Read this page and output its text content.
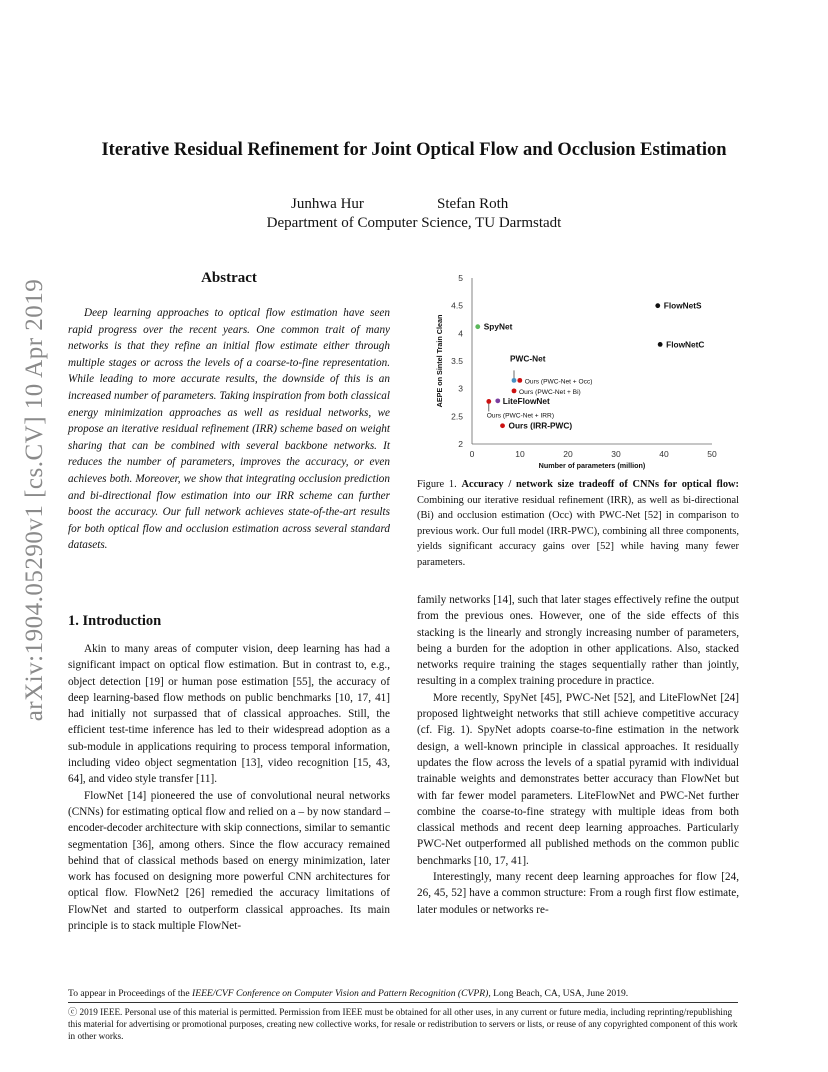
arXiv:1904.05290v1 [cs.CV] 10 Apr 2019
Iterative Residual Refinement for Joint Optical Flow and Occlusion Estimation
Junhwa Hur	Stefan Roth
Department of Computer Science, TU Darmstadt
Abstract

Deep learning approaches to optical flow estimation have seen rapid progress over the recent years. One common trait of many networks is that they refine an initial flow estimate either through multiple stages or across the levels of a coarse-to-fine representation. While leading to more accurate results, the downside of this is an increased number of parameters. Taking inspiration from both classical energy minimization approaches as well as residual networks, we propose an iterative residual refinement (IRR) scheme based on weight sharing that can be combined with several backbone networks. It reduces the number of parameters, improves the accuracy, or even achieves both. Moreover, we show that integrating occlusion prediction and bi-directional flow estimation into our IRR scheme can further boost the accuracy. Our full network achieves state-of-the-art results for both optical flow and occlusion estimation across several standard datasets.

0	10	20	30	40	50
2
2.5
3
3.5
4
4.5
5
Number of parameters (million)
AEPE on Sintel Train Clean
FlowNetS
FlowNetC
SpyNet
PWC-Net
Ours (PWC-Net + Occ)
Ours (PWC-Net + Bi)
LiteFlowNet
Ours (PWC-Net + IRR)
Ours (IRR-PWC)
Figure 1. Accuracy / network size tradeoff of CNNs for optical flow: Combining our iterative residual refinement (IRR), as well as bi-directional (Bi) and occlusion estimation (Occ) with PWC-Net [52] in comparison to previous work. Our full model (IRR-PWC), combining all three components, yields significant accuracy gains over [52] while having many fewer parameters.
1. Introduction

Akin to many areas of computer vision, deep learning has had a significant impact on optical flow estimation. But in contrast to, e.g., object detection [19] or human pose estimation [55], the accuracy of deep learning-based flow methods on public benchmarks [10, 17, 41] had initially not surpassed that of classical approaches. Still, the efficient test-time inference has led to their widespread adoption as a sub-module in applications requiring to process temporal information, including video object segmentation [13], video recognition [15, 43, 64], and video style transfer [11].

FlowNet [14] pioneered the use of convolutional neural networks (CNNs) for estimating optical flow and relied on a – by now standard – encoder-decoder architecture with skip connections, similar to semantic segmentation [36], among others. Since the flow accuracy remained behind that of classical methods based on energy minimization, later work has focused on designing more powerful CNN architectures for optical flow. FlowNet2 [26] remedied the accuracy limitations of FlowNet and started to outperform classical approaches. Its main principle is to stack multiple FlowNet-

family networks [14], such that later stages effectively refine the output from the previous ones. However, one of the side effects of this stacking is the linearly and strongly increasing number of parameters, being a burden for the adoption in other applications. Also, stacked networks require training the stages sequentially rather than jointly, resulting in a complex training procedure in practice.

More recently, SpyNet [45], PWC-Net [52], and LiteFlowNet [24] proposed lightweight networks that still achieve competitive accuracy (cf. Fig. 1). SpyNet adopts coarse-to-fine estimation in the network design, a well-known principle in classical approaches. It residually updates the flow across the levels of a spatial pyramid with individual trainable weights and demonstrates better accuracy than FlowNet but with far fewer model parameters. LiteFlowNet and PWC-Net further combine the coarse-to-fine strategy with multiple ideas from both classical methods and recent deep learning approaches. Particularly PWC-Net outperformed all published methods on the common public benchmarks [10, 17, 41].

Interestingly, many recent deep learning approaches for flow [24, 26, 45, 52] have a common structure: From a rough first flow estimate, later modules or networks re-

To appear in Proceedings of the IEEE/CVF Conference on Computer Vision and Pattern Recognition (CVPR), Long Beach, CA, USA, June 2019.
ⓒ 2019 IEEE. Personal use of this material is permitted. Permission from IEEE must be obtained for all other uses, in any current or future media, including reprinting/republishing this material for advertising or promotional purposes, creating new collective works, for resale or redistribution to servers or lists, or reuse of any copyrighted component of this work in other works.
